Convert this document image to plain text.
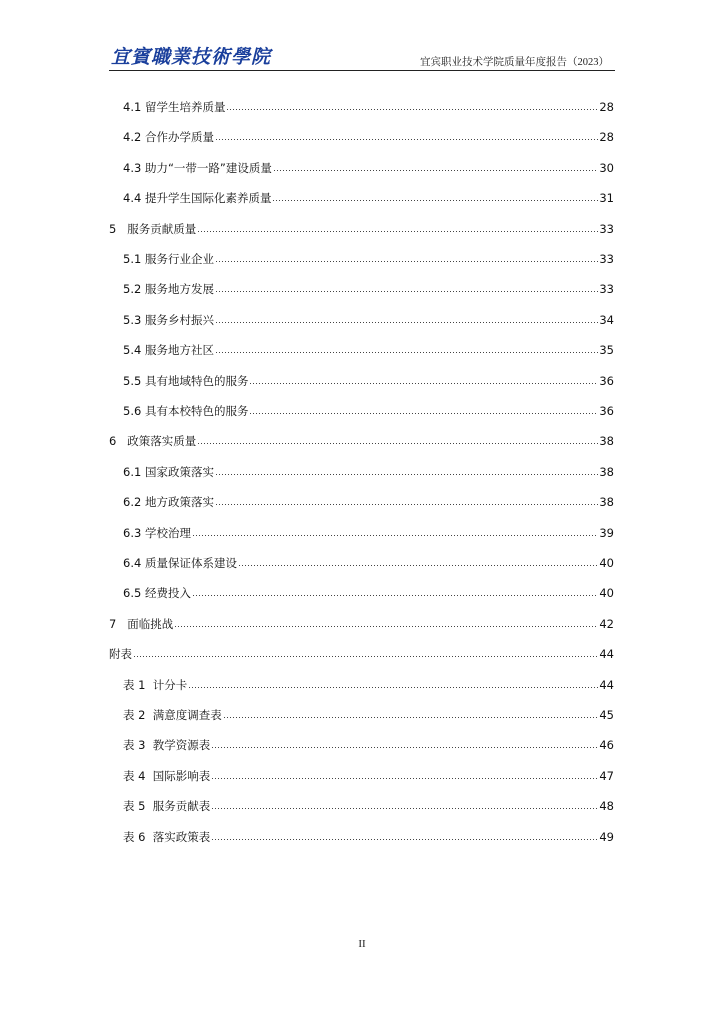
宜賓職業技術學院	宜宾职业技术学院质量年度报告（2023）
4.1 留学生培养质量	28
4.2 合作办学质量	28
4.3 助力“一带一路”建设质量	30
4.4 提升学生国际化素养质量	31
5   服务贡献质量	33
5.1 服务行业企业	33
5.2 服务地方发展	33
5.3 服务乡村振兴	34
5.4 服务地方社区	35
5.5 具有地域特色的服务	36
5.6 具有本校特色的服务	36
6   政策落实质量	38
6.1 国家政策落实	38
6.2 地方政策落实	38
6.3 学校治理	39
6.4 质量保证体系建设	40
6.5 经费投入	40
7   面临挑战	42
附表	44
表 1  计分卡	44
表 2  满意度调查表	45
表 3  教学资源表	46
表 4  国际影响表	47
表 5  服务贡献表	48
表 6  落实政策表	49
II
